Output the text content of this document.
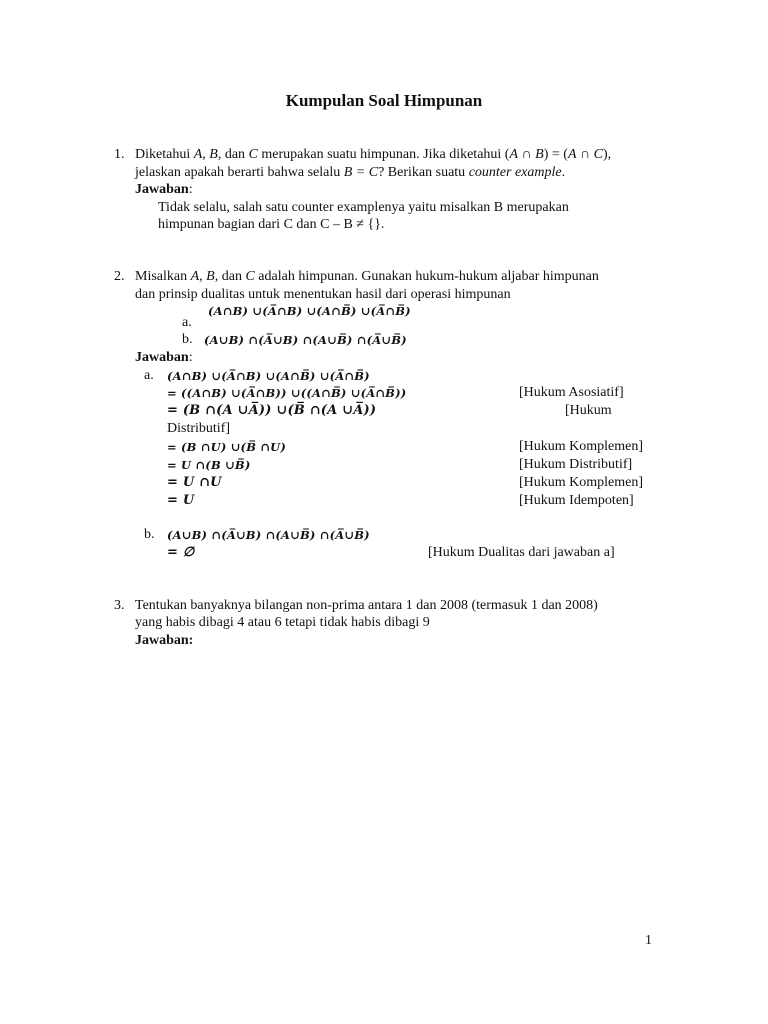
Kumpulan Soal Himpunan
1. Diketahui A, B, dan C merupakan suatu himpunan. Jika diketahui (A ∩ B) = (A ∩ C),
jelaskan apakah berarti bahwa selalu B = C? Berikan suatu counter example.
Jawaban:
Tidak selalu, salah satu counter examplenya yaitu misalkan B merupakan
himpunan bagian dari C dan C – B ≠ {}.
2. Misalkan A, B, dan C adalah himpunan. Gunakan hukum-hukum aljabar himpunan
dan prinsip dualitas untuk menentukan hasil dari operasi himpunan
(A∩B) ∪(A̅∩B) ∪(A∩B̅) ∪(A̅∩B̅)
a.
b. (A∪B) ∩(A̅∪B) ∩(A∪B̅) ∩(A̅∪B̅)
Jawaban:
a. (A∩B) ∪(A̅∩B) ∪(A∩B̅) ∪(A̅∩B̅)
= ((A∩B) ∪(A̅∩B)) ∪((A∩B̅) ∪(A̅∩B̅))	[Hukum Asosiatif]
= (B ∩(A ∪A̅)) ∪(B̅ ∩(A ∪A̅))	[Hukum
Distributif]
= (B ∩U) ∪(B̅ ∩U)	[Hukum Komplemen]
= U ∩(B ∪B̅)	[Hukum Distributif]
= U ∩U	[Hukum Komplemen]
= U	[Hukum Idempoten]
b. (A∪B) ∩(A̅∪B) ∩(A∪B̅) ∩(A̅∪B̅)
= ∅	[Hukum Dualitas dari jawaban a]
3. Tentukan banyaknya bilangan non-prima antara 1 dan 2008 (termasuk 1 dan 2008)
yang habis dibagi 4 atau 6 tetapi tidak habis dibagi 9
Jawaban:
1
